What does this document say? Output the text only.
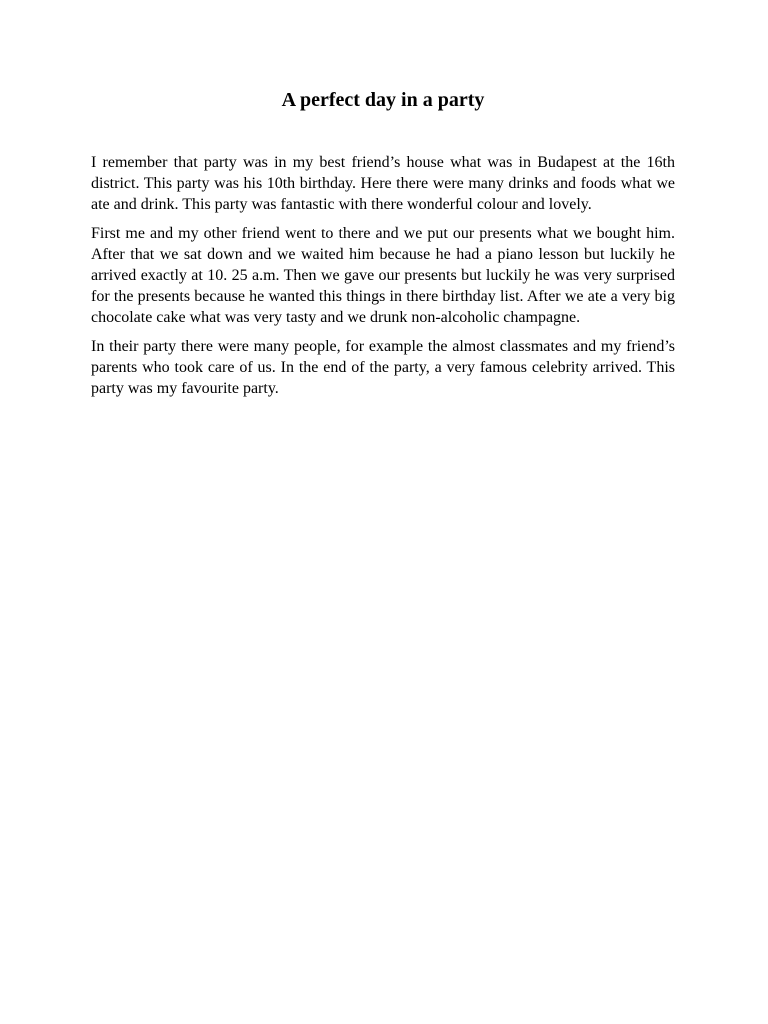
A perfect day in a party

I remember that party was in my best friend’s house what was in Budapest at the 16th district. This party was his 10th birthday. Here there were many drinks and foods what we ate and drink. This party was fantastic with there wonderful colour and lovely.

First me and my other friend went to there and we put our presents what we bought him. After that we sat down and we waited him because he had a piano lesson but luckily he arrived exactly at 10. 25 a.m. Then we gave our presents but luckily he was very surprised for the presents because he wanted this things in there birthday list. After we ate a very big chocolate cake what was very tasty and we drunk non-alcoholic champagne.

In their party there were many people, for example the almost classmates and my friend’s parents who took care of us. In the end of the party, a very famous celebrity arrived. This party was my favourite party.
